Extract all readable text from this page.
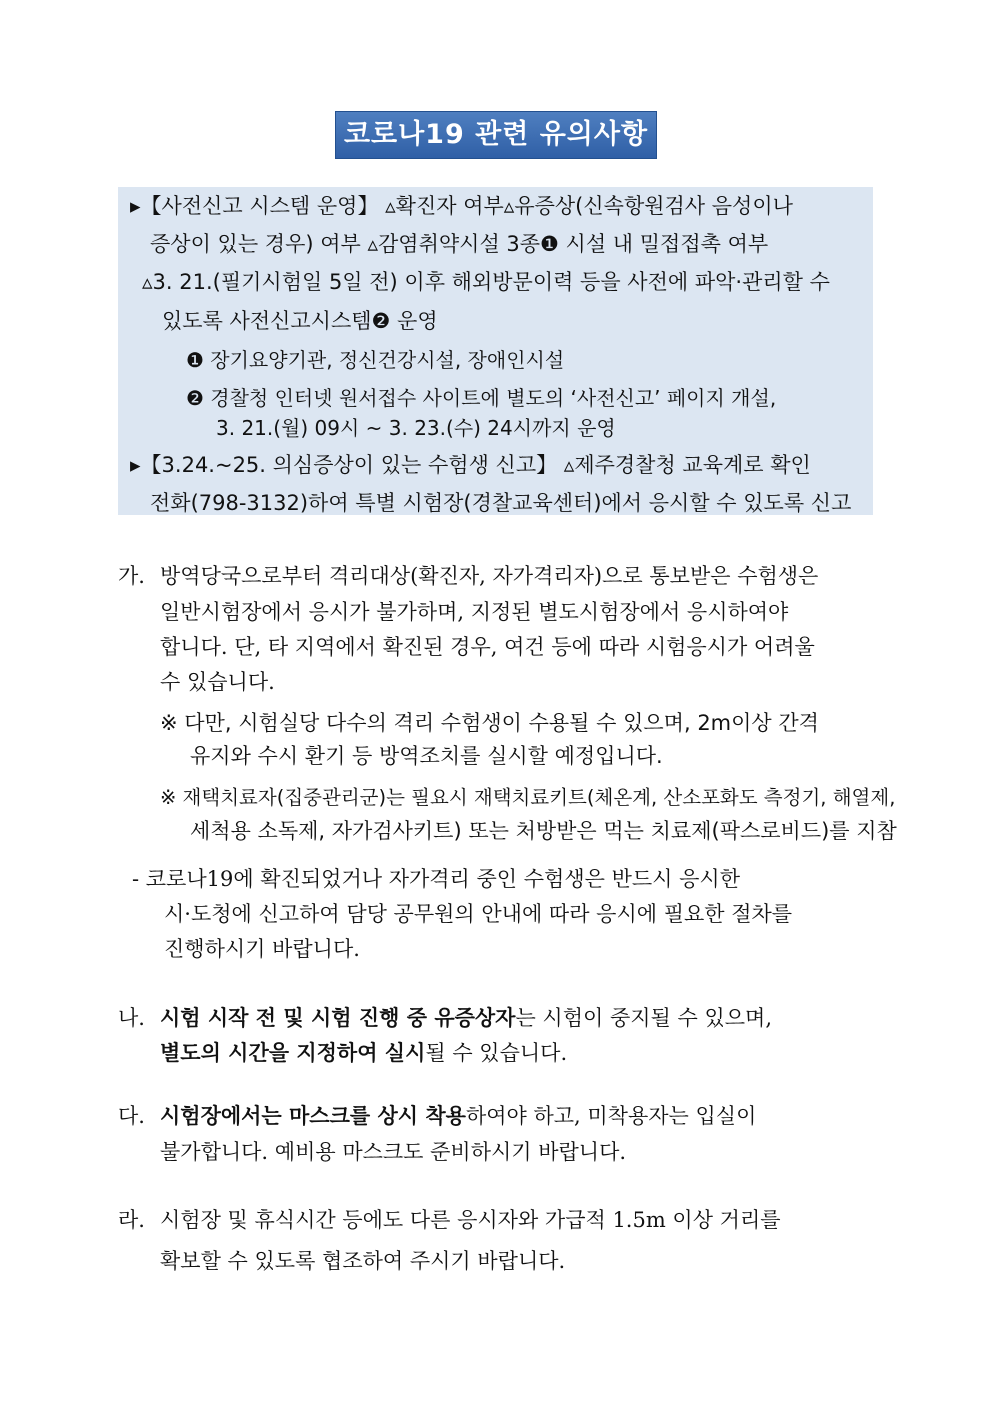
코로나19 관련 유의사항
▸【사전신고 시스템 운영】 ▵확진자 여부▵유증상(신속항원검사 음성이나
증상이 있는 경우) 여부 ▵감염취약시설 3종❶ 시설 내 밀접접촉 여부
▵3. 21.(필기시험일 5일 전) 이후 해외방문이력 등을 사전에 파악·관리할 수
있도록 사전신고시스템❷ 운영
❶ 장기요양기관, 정신건강시설, 장애인시설
❷ 경찰청 인터넷 원서접수 사이트에 별도의 ‘사전신고’ 페이지 개설,
3. 21.(월) 09시 ~ 3. 23.(수) 24시까지 운영
▸【3.24.~25. 의심증상이 있는 수험생 신고】 ▵제주경찰청 교육계로 확인
전화(798-3132)하여 특별 시험장(경찰교육센터)에서 응시할 수 있도록 신고
가. 방역당국으로부터 격리대상(확진자, 자가격리자)으로 통보받은 수험생은
일반시험장에서 응시가 불가하며, 지정된 별도시험장에서 응시하여야
합니다. 단, 타 지역에서 확진된 경우, 여건 등에 따라 시험응시가 어려울
수 있습니다.
※ 다만, 시험실당 다수의 격리 수험생이 수용될 수 있으며, 2m이상 간격
유지와 수시 환기 등 방역조치를 실시할 예정입니다.
※ 재택치료자(집중관리군)는 필요시 재택치료키트(체온계, 산소포화도 측정기, 해열제,
세척용 소독제, 자가검사키트) 또는 처방받은 먹는 치료제(팍스로비드)를 지참
- 코로나19에 확진되었거나 자가격리 중인 수험생은 반드시 응시한
시·도청에 신고하여 담당 공무원의 안내에 따라 응시에 필요한 절차를
진행하시기 바랍니다.
나. 시험 시작 전 및 시험 진행 중 유증상자는 시험이 중지될 수 있으며,
별도의 시간을 지정하여 실시될 수 있습니다.
다. 시험장에서는 마스크를 상시 착용하여야 하고, 미착용자는 입실이
불가합니다. 예비용 마스크도 준비하시기 바랍니다.
라. 시험장 및 휴식시간 등에도 다른 응시자와 가급적 1.5m 이상 거리를
확보할 수 있도록 협조하여 주시기 바랍니다.
